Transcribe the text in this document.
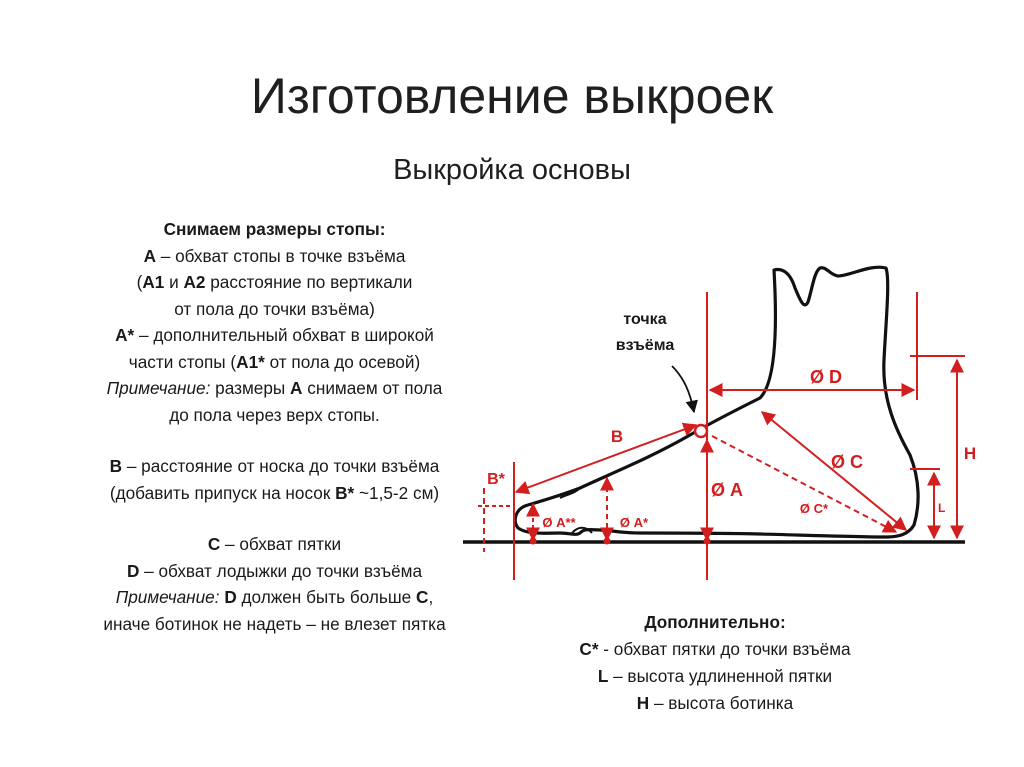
Изготовление выкроек
Выкройка основы
Снимаем размеры стопы:
А – обхват стопы в точке взъёма
(А1 и А2 расстояние по вертикали
от пола до точки взъёма)
А* – дополнительный обхват в широкой
части стопы (А1* от пола до осевой)
Примечание: размеры А снимаем от пола
до пола через верх стопы.
В – расстояние от носка до точки взъёма
(добавить припуск на носок В* ~1,5-2 см)
С – обхват пятки
D – обхват лодыжки до точки взъёма
Примечание: D должен быть больше С,
иначе ботинок не надеть – не влезет пятка	Дополнительно:
С* - обхват пятки до точки взъёма
L – высота удлиненной пятки
Н – высота ботинка
точка
взъёма
Ø D
В
В*
Ø С
Ø А
Ø С*
Ø А**	Ø А*
Н
L
